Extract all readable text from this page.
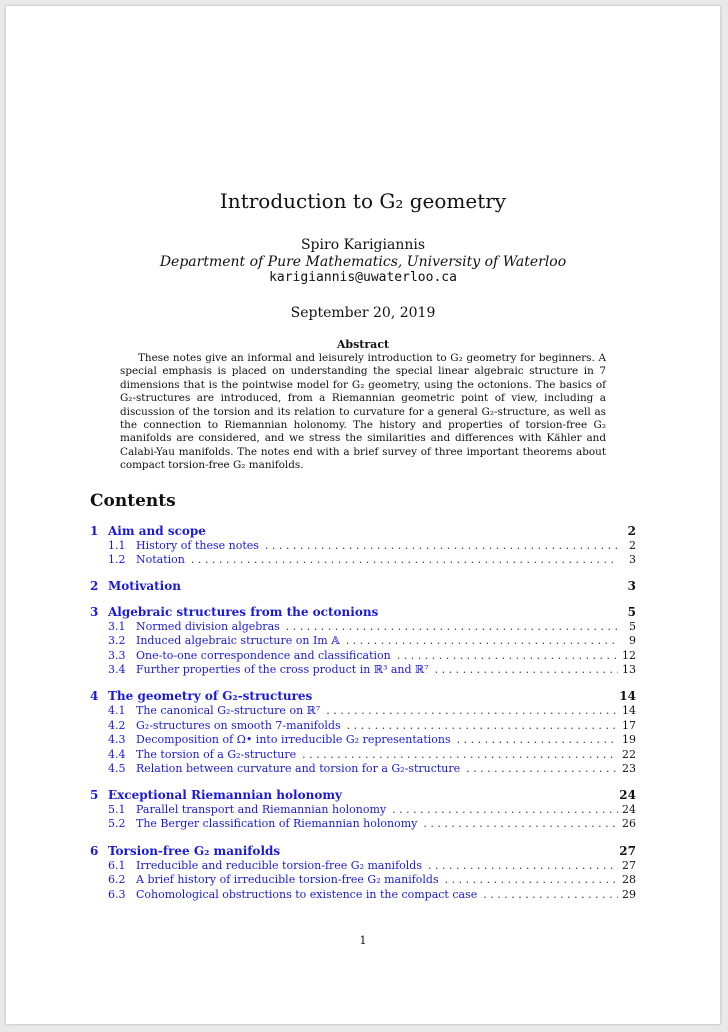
Introduction to G₂ geometry
Spiro Karigiannis
Department of Pure Mathematics, University of Waterloo
karigiannis@uwaterloo.ca
September 20, 2019
Abstract
These notes give an informal and leisurely introduction to G₂ geometry for beginners. A special emphasis is placed on understanding the special linear algebraic structure in 7 dimensions that is the pointwise model for G₂ geometry, using the octonions. The basics of G₂-structures are introduced, from a Riemannian geometric point of view, including a discussion of the torsion and its relation to curvature for a general G₂-structure, as well as the connection to Riemannian holonomy. The history and properties of torsion-free G₂ manifolds are considered, and we stress the similarities and differences with Kähler and Calabi-Yau manifolds. The notes end with a brief survey of three important theorems about compact torsion-free G₂ manifolds.
Contents
1 Aim and scope	2
1.1 History of these notes . . .	2
1.2 Notation . . .	3
2 Motivation	3
3 Algebraic structures from the octonions	5
3.1 Normed division algebras . . .	5
3.2 Induced algebraic structure on Im 𝔸 . . .	9
3.3 One-to-one correspondence and classification . . .	12
3.4 Further properties of the cross product in ℝ³ and ℝ⁷ . . .	13
4 The geometry of G₂-structures	14
4.1 The canonical G₂-structure on ℝ⁷ . . .	14
4.2 G₂-structures on smooth 7-manifolds . . .	17
4.3 Decomposition of Ω• into irreducible G₂ representations . . .	19
4.4 The torsion of a G₂-structure . . .	22
4.5 Relation between curvature and torsion for a G₂-structure . . .	23
5 Exceptional Riemannian holonomy	24
5.1 Parallel transport and Riemannian holonomy . . .	24
5.2 The Berger classification of Riemannian holonomy . . .	26
6 Torsion-free G₂ manifolds	27
6.1 Irreducible and reducible torsion-free G₂ manifolds . . .	27
6.2 A brief history of irreducible torsion-free G₂ manifolds . . .	28
6.3 Cohomological obstructions to existence in the compact case . . .	29
1
